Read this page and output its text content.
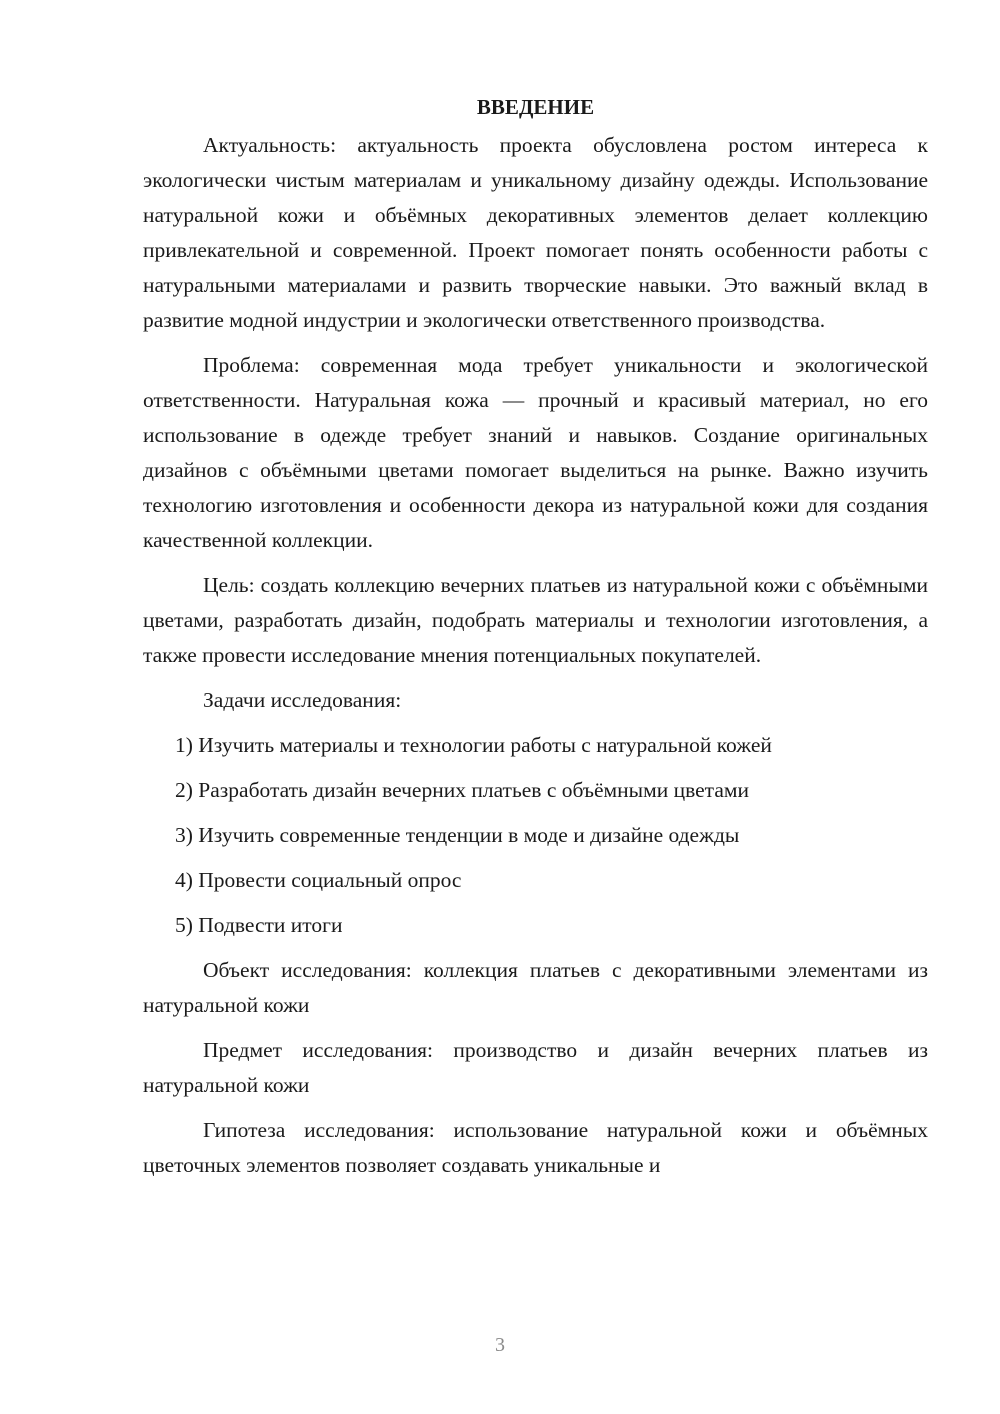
ВВЕДЕНИЕ

Актуальность: актуальность проекта обусловлена ростом интереса к экологически чистым материалам и уникальному дизайну одежды. Использование натуральной кожи и объёмных декоративных элементов делает коллекцию привлекательной и современной. Проект помогает понять особенности работы с натуральными материалами и развить творческие навыки. Это важный вклад в развитие модной индустрии и экологически ответственного производства.

Проблема: современная мода требует уникальности и экологической ответственности. Натуральная кожа — прочный и красивый материал, но его использование в одежде требует знаний и навыков. Создание оригинальных дизайнов с объёмными цветами помогает выделиться на рынке. Важно изучить технологию изготовления и особенности декора из натуральной кожи для создания качественной коллекции.

Цель: создать коллекцию вечерних платьев из натуральной кожи с объёмными цветами, разработать дизайн, подобрать материалы и технологии изготовления, а также провести исследование мнения потенциальных покупателей.

Задачи исследования:

1) Изучить материалы и технологии работы с натуральной кожей

2) Разработать дизайн вечерних платьев с объёмными цветами

3) Изучить современные тенденции в моде и дизайне одежды

4) Провести социальный опрос

5) Подвести итоги

Объект исследования: коллекция платьев с декоративными элементами из натуральной кожи

Предмет исследования: производство и дизайн вечерних платьев из натуральной кожи

Гипотеза исследования: использование натуральной кожи и объёмных цветочных элементов позволяет создавать уникальные и

3
